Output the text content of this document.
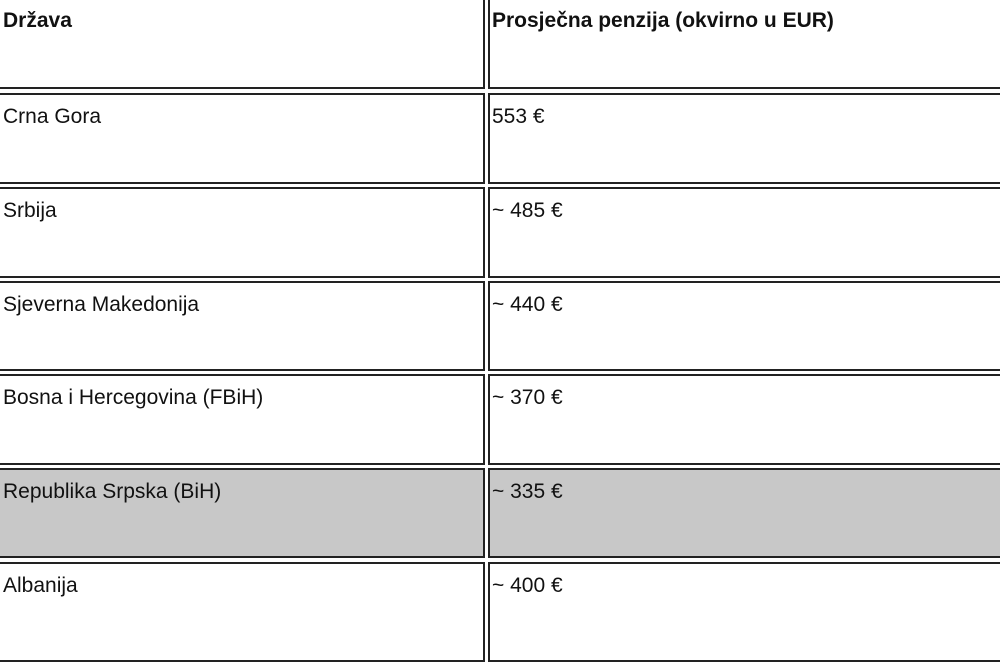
Država	Prosječna penzija (okvirno u EUR)
Crna Gora	553 €
Srbija	~ 485 €
Sjeverna Makedonija	~ 440 €
Bosna i Hercegovina (FBiH)	~ 370 €
Republika Srpska (BiH)	~ 335 €
Albanija	~ 400 €
